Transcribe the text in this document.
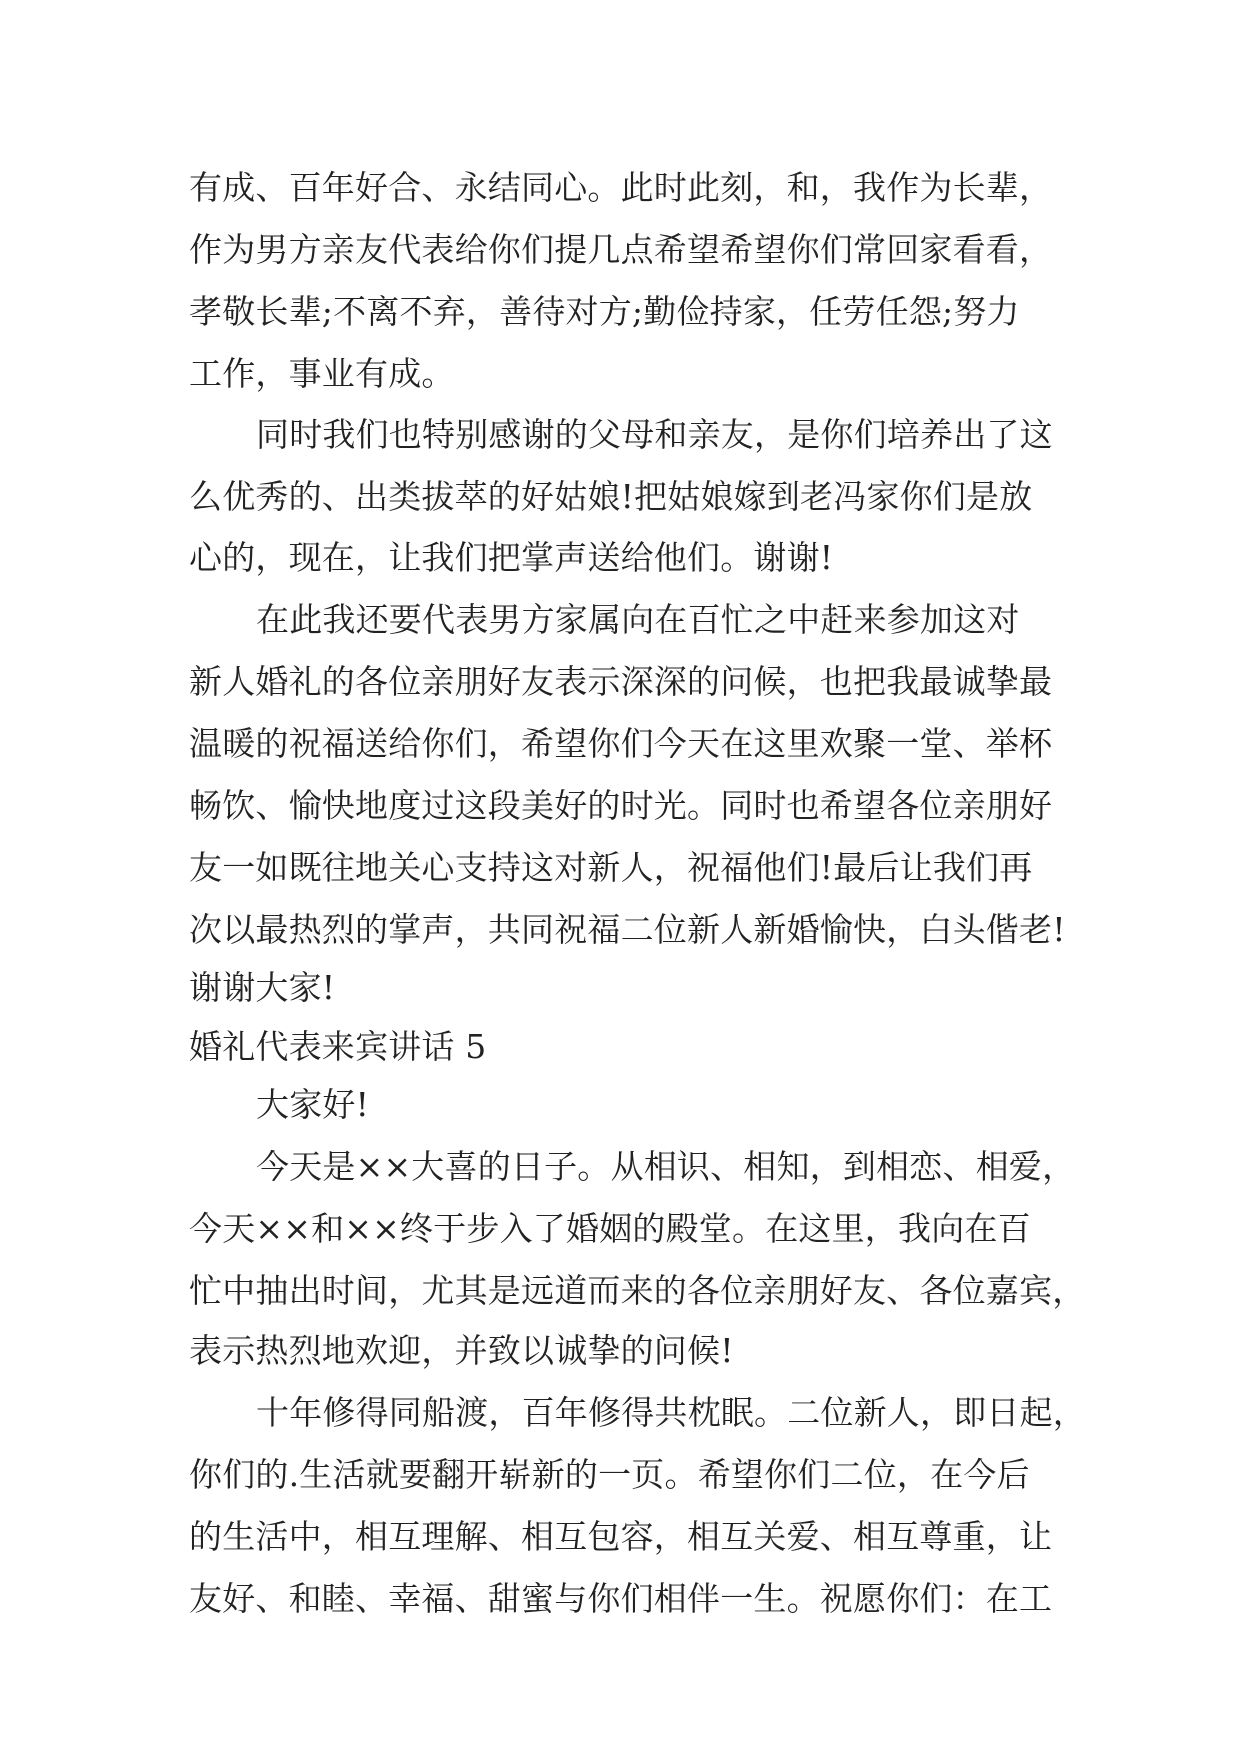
有成、百年好合、永结同心。此时此刻，和，我作为长辈，
作为男方亲友代表给你们提几点希望希望你们常回家看看，
孝敬长辈;不离不弃，善待对方;勤俭持家，任劳任怨;努力
工作，事业有成。
同时我们也特别感谢的父母和亲友，是你们培养出了这
么优秀的、出类拔萃的好姑娘!把姑娘嫁到老冯家你们是放
心的，现在，让我们把掌声送给他们。谢谢!
在此我还要代表男方家属向在百忙之中赶来参加这对
新人婚礼的各位亲朋好友表示深深的问候，也把我最诚挚最
温暖的祝福送给你们，希望你们今天在这里欢聚一堂、举杯
畅饮、愉快地度过这段美好的时光。同时也希望各位亲朋好
友一如既往地关心支持这对新人，祝福他们!最后让我们再
次以最热烈的掌声，共同祝福二位新人新婚愉快，白头偕老!
谢谢大家!
婚礼代表来宾讲话 5
大家好!
今天是××大喜的日子。从相识、相知，到相恋、相爱，
今天××和××终于步入了婚姻的殿堂。在这里，我向在百
忙中抽出时间，尤其是远道而来的各位亲朋好友、各位嘉宾，
表示热烈地欢迎，并致以诚挚的问候!
十年修得同船渡，百年修得共枕眠。二位新人，即日起，
你们的.生活就要翻开崭新的一页。希望你们二位，在今后
的生活中，相互理解、相互包容，相互关爱、相互尊重，让
友好、和睦、幸福、甜蜜与你们相伴一生。祝愿你们：在工
